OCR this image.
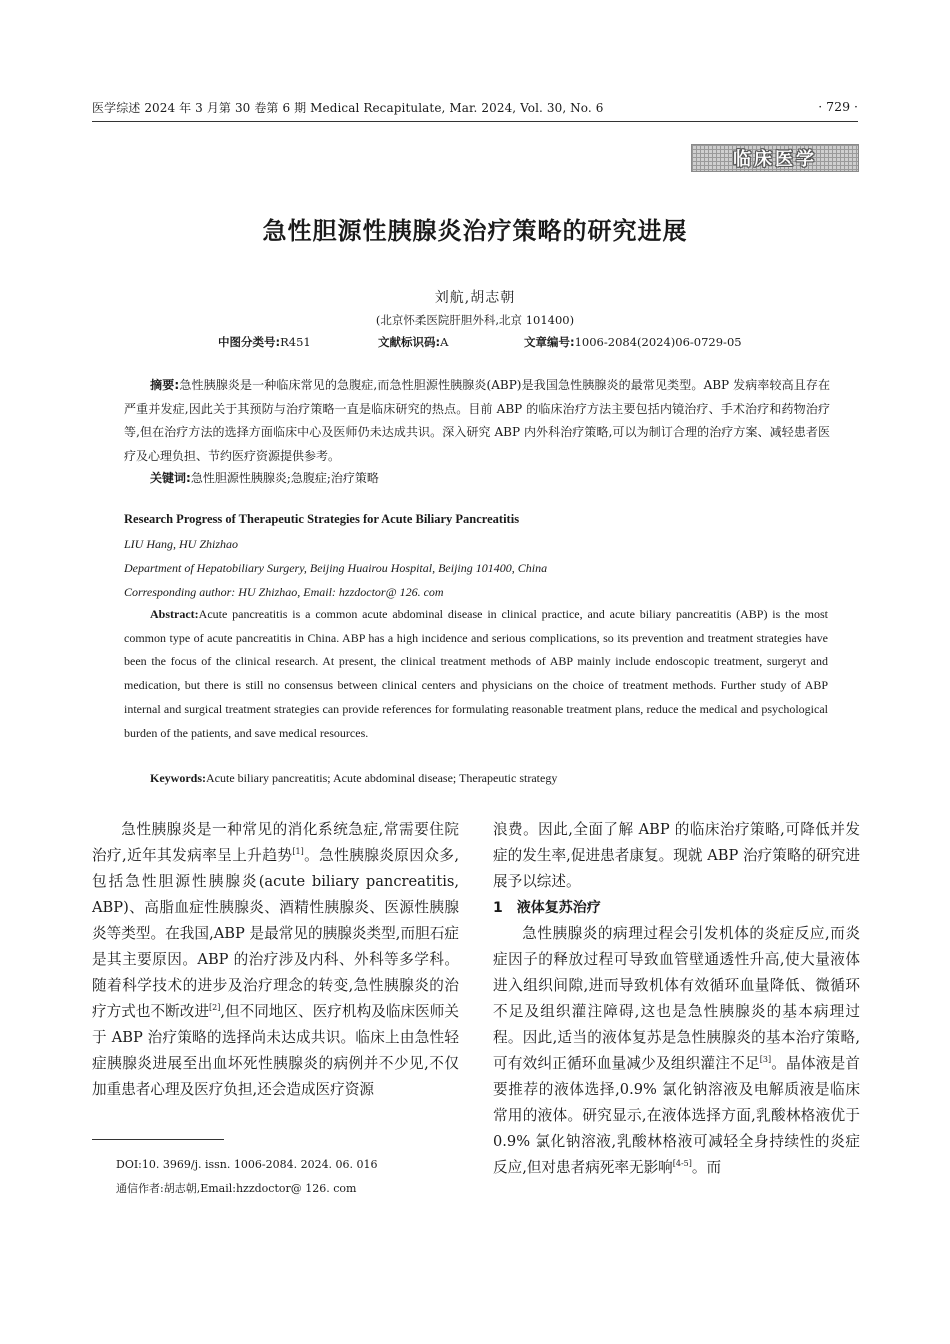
医学综述 2024 年 3 月第 30 卷第 6 期 Medical Recapitulate, Mar. 2024, Vol. 30, No. 6	· 729 ·
临床医学
急性胆源性胰腺炎治疗策略的研究进展
刘航,胡志朝
(北京怀柔医院肝胆外科,北京 101400)
中图分类号:R451	文献标识码:A	文章编号:1006-2084(2024)06-0729-05
摘要:急性胰腺炎是一种临床常见的急腹症,而急性胆源性胰腺炎(ABP)是我国急性胰腺炎的最常见类型。ABP 发病率较高且存在严重并发症,因此关于其预防与治疗策略一直是临床研究的热点。目前 ABP 的临床治疗方法主要包括内镜治疗、手术治疗和药物治疗等,但在治疗方法的选择方面临床中心及医师仍未达成共识。深入研究 ABP 内外科治疗策略,可以为制订合理的治疗方案、减轻患者医疗及心理负担、节约医疗资源提供参考。
关键词:急性胆源性胰腺炎;急腹症;治疗策略
Research Progress of Therapeutic Strategies for Acute Biliary Pancreatitis
LIU Hang, HU Zhizhao
Department of Hepatobiliary Surgery, Beijing Huairou Hospital, Beijing 101400, China
Corresponding author: HU Zhizhao, Email: hzzdoctor@ 126. com
Abstract:Acute pancreatitis is a common acute abdominal disease in clinical practice, and acute biliary pancreatitis (ABP) is the most common type of acute pancreatitis in China. ABP has a high incidence and serious complications, so its prevention and treatment strategies have been the focus of the clinical research. At present, the clinical treatment methods of ABP mainly include endoscopic treatment, surgeryt and medication, but there is still no consensus between clinical centers and physicians on the choice of treatment methods. Further study of ABP internal and surgical treatment strategies can provide references for formulating reasonable treatment plans, reduce the medical and psychological burden of the patients, and save medical resources.
Keywords:Acute biliary pancreatitis; Acute abdominal disease; Therapeutic strategy

急性胰腺炎是一种常见的消化系统急症,常需要住院治疗,近年其发病率呈上升趋势[1]。急性胰腺炎原因众多,包括急性胆源性胰腺炎(acute biliary pancreatitis, ABP)、高脂血症性胰腺炎、酒精性胰腺炎、医源性胰腺炎等类型。在我国,ABP 是最常见的胰腺炎类型,而胆石症是其主要原因。ABP 的治疗涉及内科、外科等多学科。随着科学技术的进步及治疗理念的转变,急性胰腺炎的治疗方式也不断改进[2],但不同地区、医疗机构及临床医师关于 ABP 治疗策略的选择尚未达成共识。临床上由急性轻症胰腺炎进展至出血坏死性胰腺炎的病例并不少见,不仅加重患者心理及医疗负担,还会造成医疗资源

浪费。因此,全面了解 ABP 的临床治疗策略,可降低并发症的发生率,促进患者康复。现就 ABP 治疗策略的研究进展予以综述。

1　液体复苏治疗

急性胰腺炎的病理过程会引发机体的炎症反应,而炎症因子的释放过程可导致血管壁通透性升高,使大量液体进入组织间隙,进而导致机体有效循环血量降低、微循环不足及组织灌注障碍,这也是急性胰腺炎的基本病理过程。因此,适当的液体复苏是急性胰腺炎的基本治疗策略,可有效纠正循环血量减少及组织灌注不足[3]。晶体液是首要推荐的液体选择,0.9% 氯化钠溶液及电解质液是临床常用的液体。研究显示,在液体选择方面,乳酸林格液优于 0.9% 氯化钠溶液,乳酸林格液可减轻全身持续性的炎症反应,但对患者病死率无影响[4-5]。而

DOI:10. 3969/j. issn. 1006-2084. 2024. 06. 016
通信作者:胡志朝,Email:hzzdoctor@ 126. com
